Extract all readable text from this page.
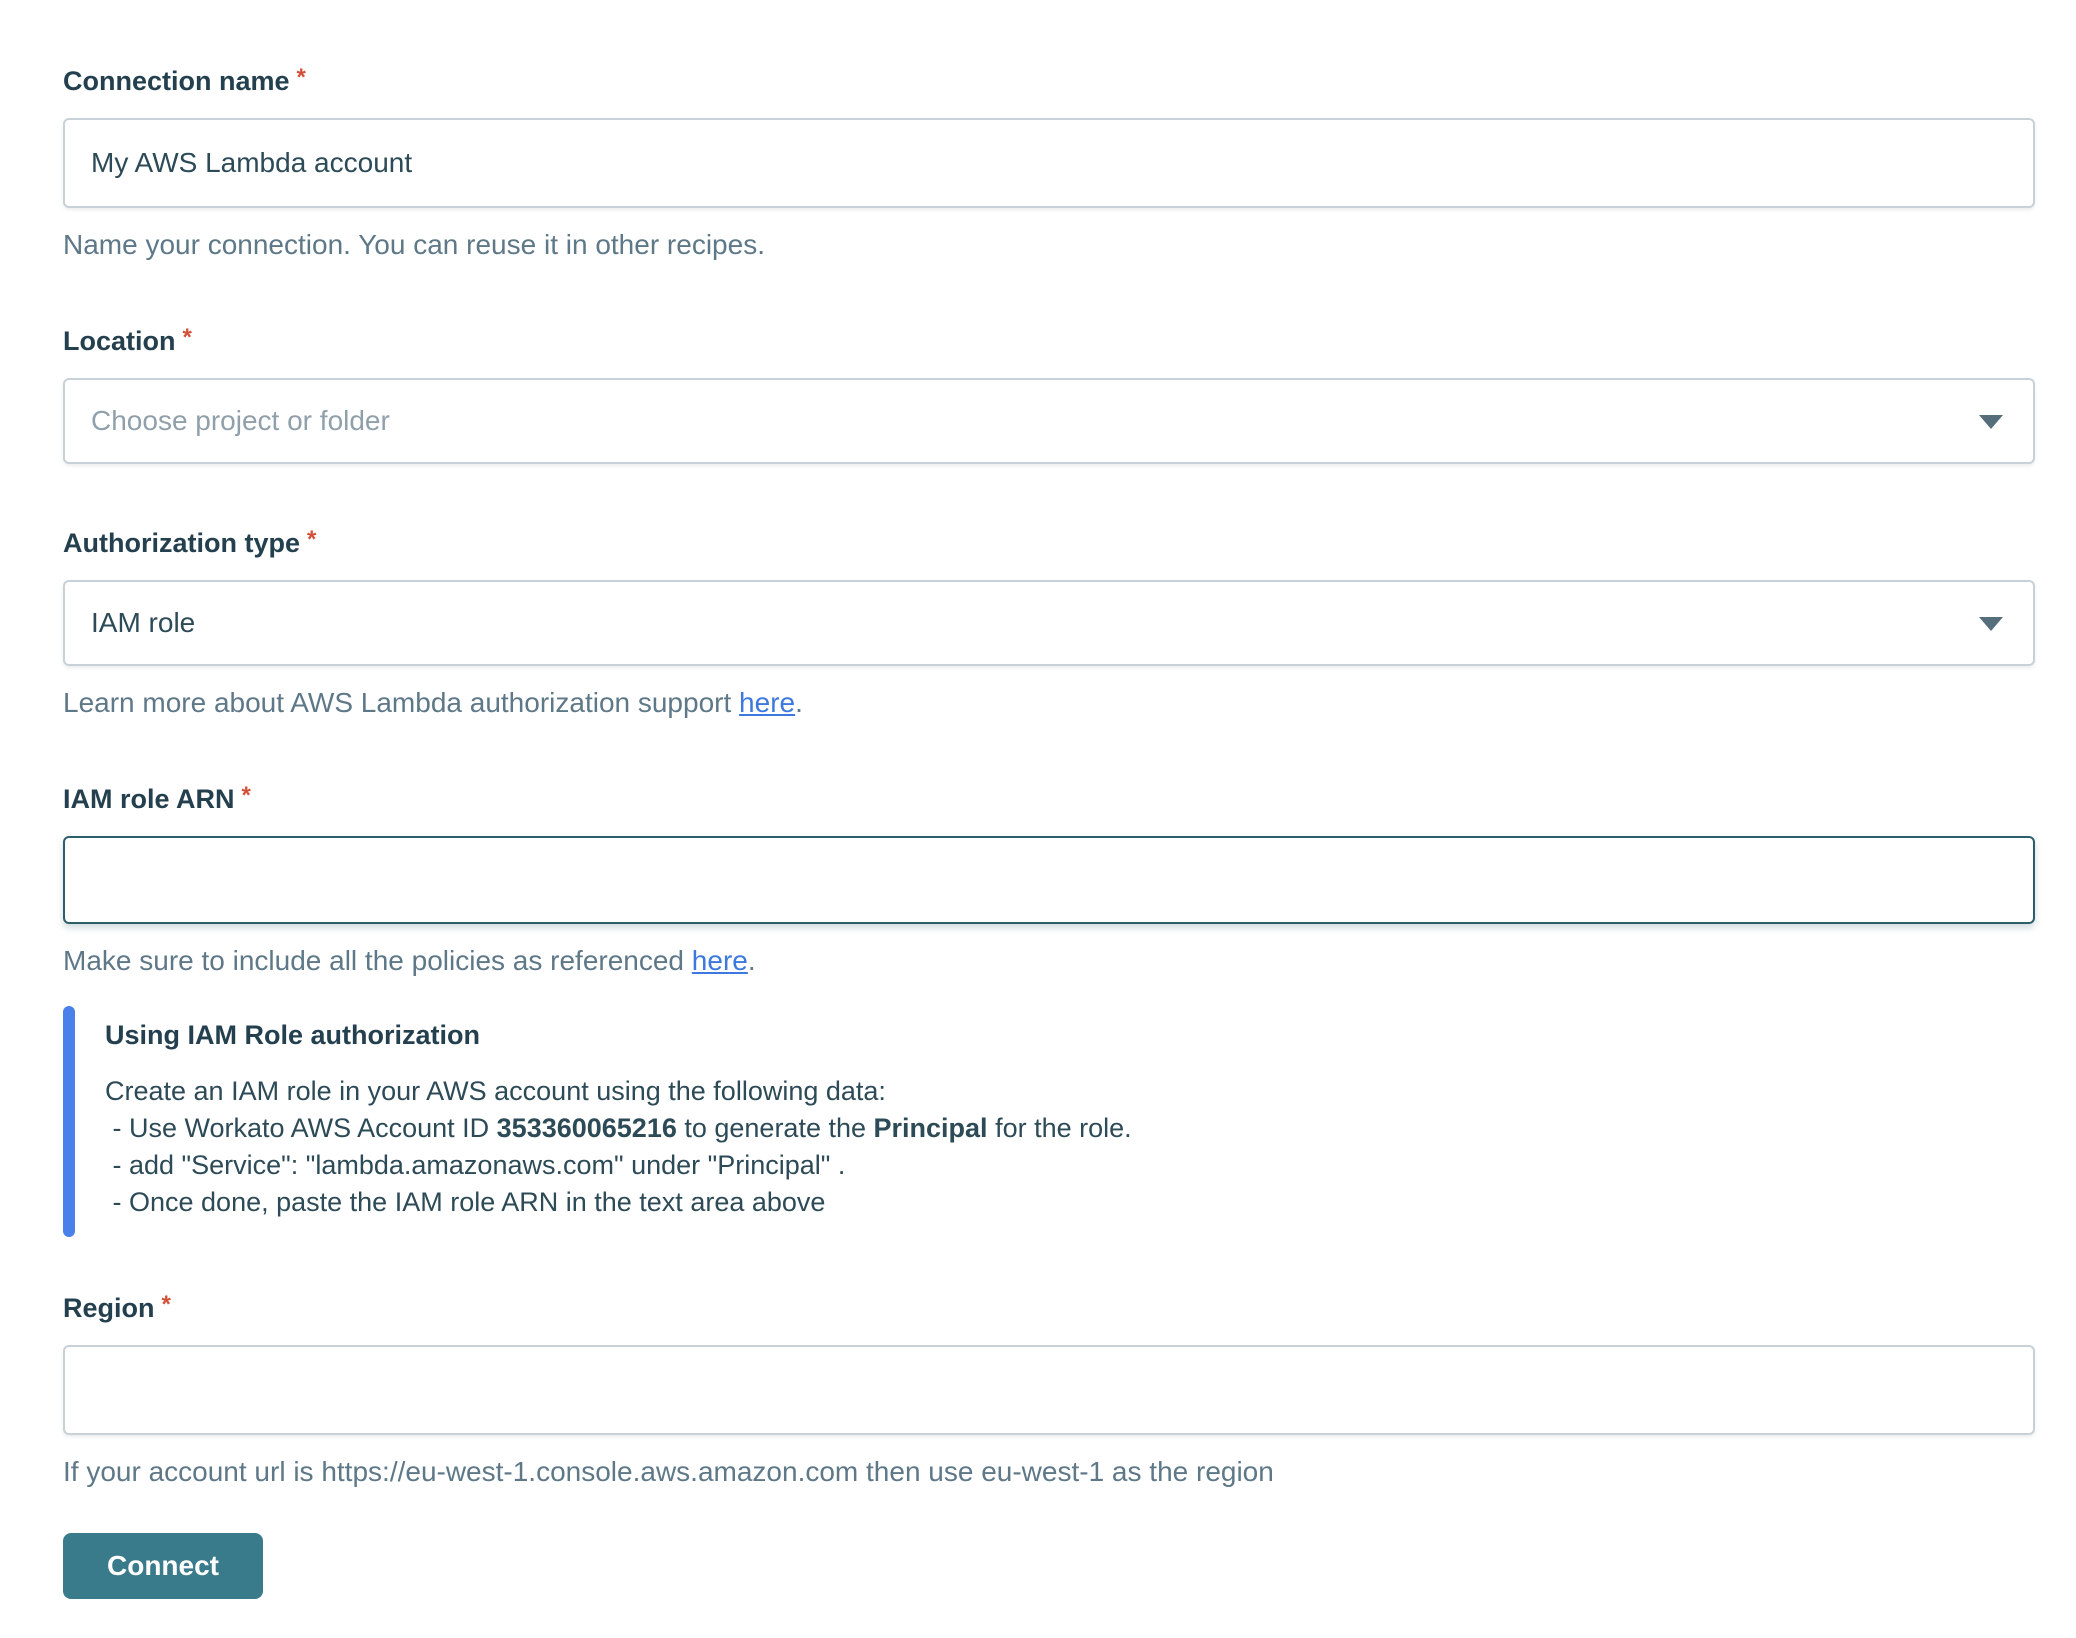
Connection name *
My AWS Lambda account
Name your connection. You can reuse it in other recipes.
Location *
Choose project or folder
Authorization type *
IAM role
Learn more about AWS Lambda authorization support here.
IAM role ARN *
Make sure to include all the policies as referenced here.
Using IAM Role authorization
Create an IAM role in your AWS account using the following data:
- Use Workato AWS Account ID 353360065216 to generate the Principal for the role.
- add "Service": "lambda.amazonaws.com" under "Principal" .
- Once done, paste the IAM role ARN in the text area above
Region *
If your account url is https://eu-west-1.console.aws.amazon.com then use eu-west-1 as the region
Connect
